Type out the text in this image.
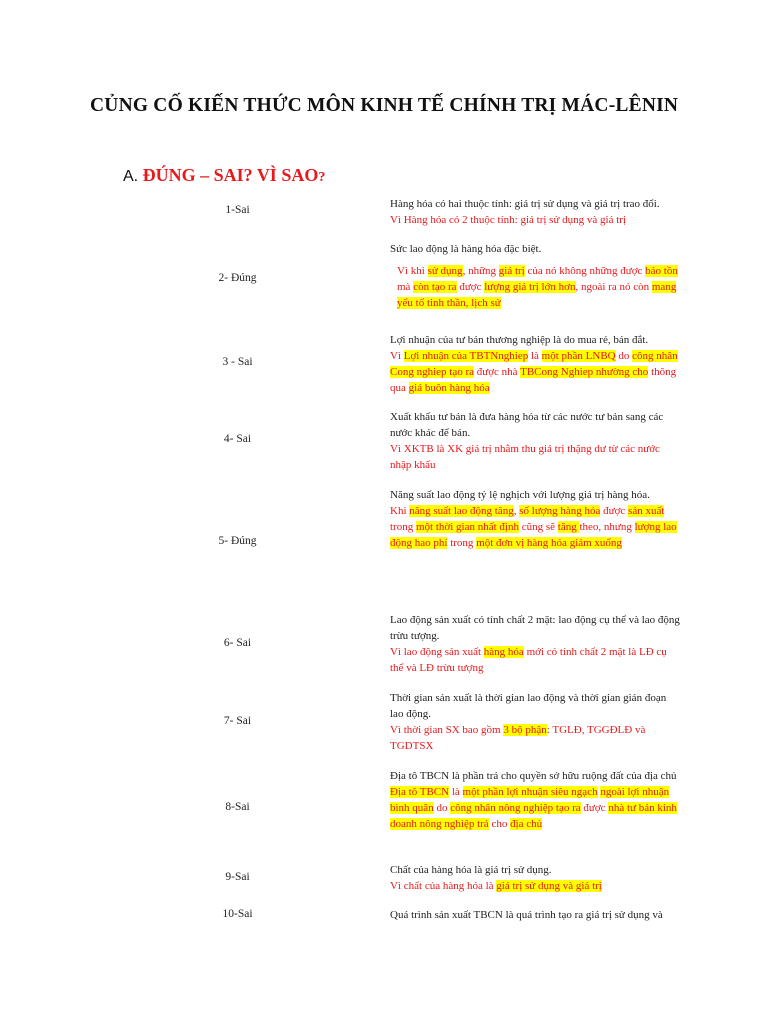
CỦNG CỐ KIẾN THỨC MÔN KINH TẾ CHÍNH TRỊ MÁC-LÊNIN
A. ĐÚNG – SAI? VÌ SAO?
1-Sai	Hàng hóa có hai thuộc tính: giá trị sử dụng và giá trị trao đổi.
Vì Hàng hóa có 2 thuộc tính: giá trị sử dụng và giá trị
2- Đúng
Sức lao động là hàng hóa đặc biệt.
Vì khi sử dụng, những giá trị của nó không những được bảo tồn mà còn tạo ra được lượng giá trị lớn hơn, ngoài ra nó còn mang yếu tố tinh thần, lịch sử
3 - Sai
Lợi nhuận của tư bản thương nghiệp là do mua rẻ, bán đắt.
Vì Lợi nhuận của TBTNnghiep là một phần LNBQ do công nhân Cong nghiep tạo ra được nhà TBCong Nghiep nhường cho thông qua giá buôn hàng hóa
4- Sai
Xuất khẩu tư bản là đưa hàng hóa từ các nước tư bản sang các nước khác để bán.
Vì XKTB là XK giá trị nhằm thu giá trị thặng dư từ các nước nhập khẩu
5- Đúng
Năng suất lao động tỷ lệ nghịch với lượng giá trị hàng hóa.
Khi năng suất lao động tăng, số lượng hàng hóa được sản xuất trong một thời gian nhất định cũng sẽ tăng theo, nhưng lượng lao động hao phí trong một đơn vị hàng hóa giảm xuống
6- Sai
Lao động sản xuất có tính chất 2 mặt: lao động cụ thể và lao động trừu tượng.
Vì lao động sản xuất hàng hóa mới có tính chất 2 mặt là LĐ cụ thể và LĐ trừu tượng
7- Sai
Thời gian sản xuất là thời gian lao động và thời gian gián đoạn lao động.
Vì thời gian SX bao gồm 3 bộ phận: TGLĐ, TGGĐLĐ và TGDTSX
8-Sai
Địa tô TBCN là phần trả cho quyền sở hữu ruộng đất của địa chủ
Địa tô TBCN là một phần lợi nhuận siêu ngạch ngoài lợi nhuận bình quân do công nhân nông nghiệp tạo ra được nhà tư bản kinh doanh nông nghiệp trả cho địa chủ
9-Sai
Chất của hàng hóa là giá trị sử dụng.
Vì chất của hàng hóa là giá trị sử dụng và giá trị
10-Sai	Quá trình sản xuất TBCN là quá trình tạo ra giá trị sử dụng và
